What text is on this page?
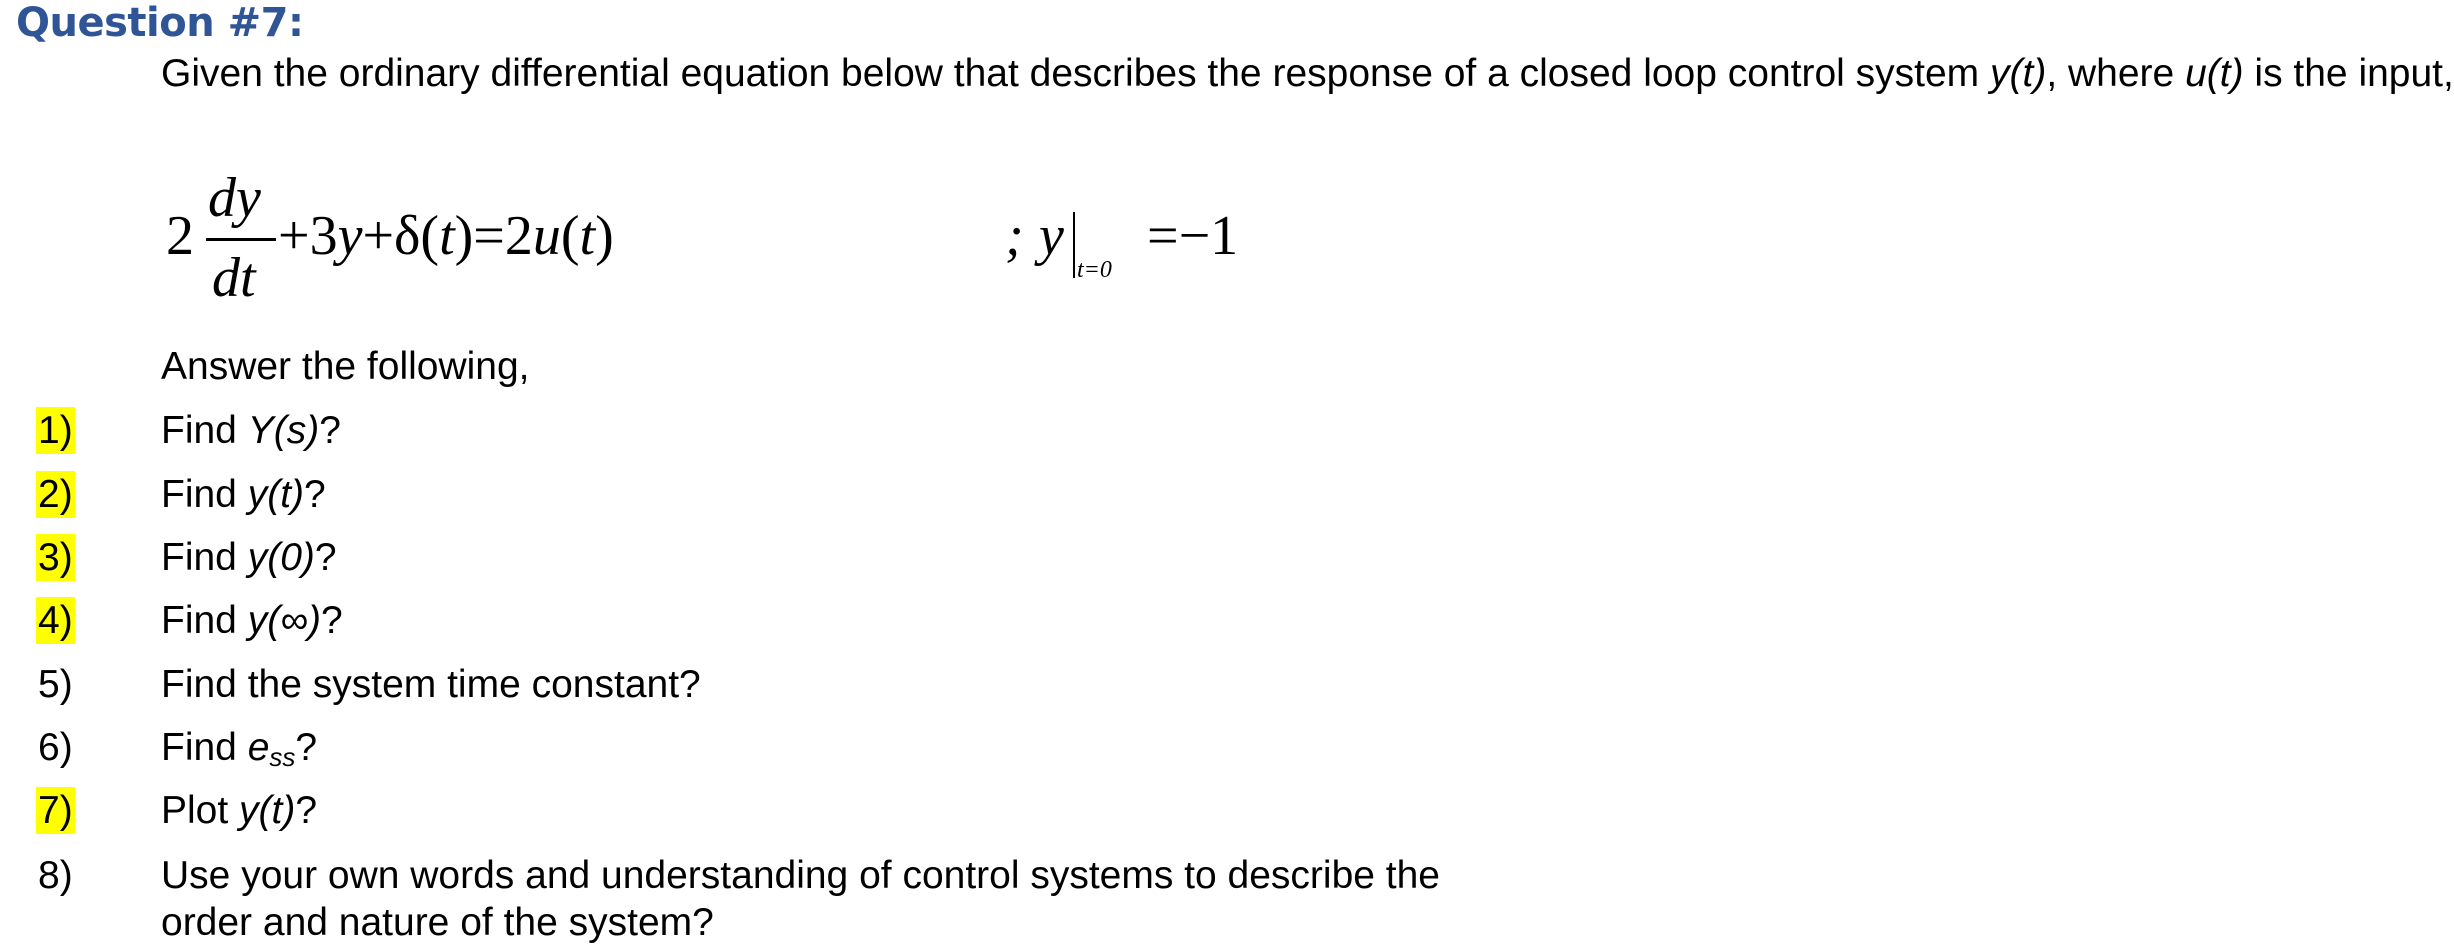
Question #7:
Given the ordinary differential equation below that describes the response of a closed loop control system y(t), where u(t) is the input,
2
dy
dt
+3y+δ(t)=2u(t)	; y
t=0
=−1
Answer the following,
1) Find Y(s)?
2) Find y(t)?
3) Find y(0)?
4) Find y(∞)?
5) Find the system time constant?
6) Find $e_{ss}$?
7) Plot y(t)?
8) Use your own words and understanding of control systems to describe the order and nature of the system?
